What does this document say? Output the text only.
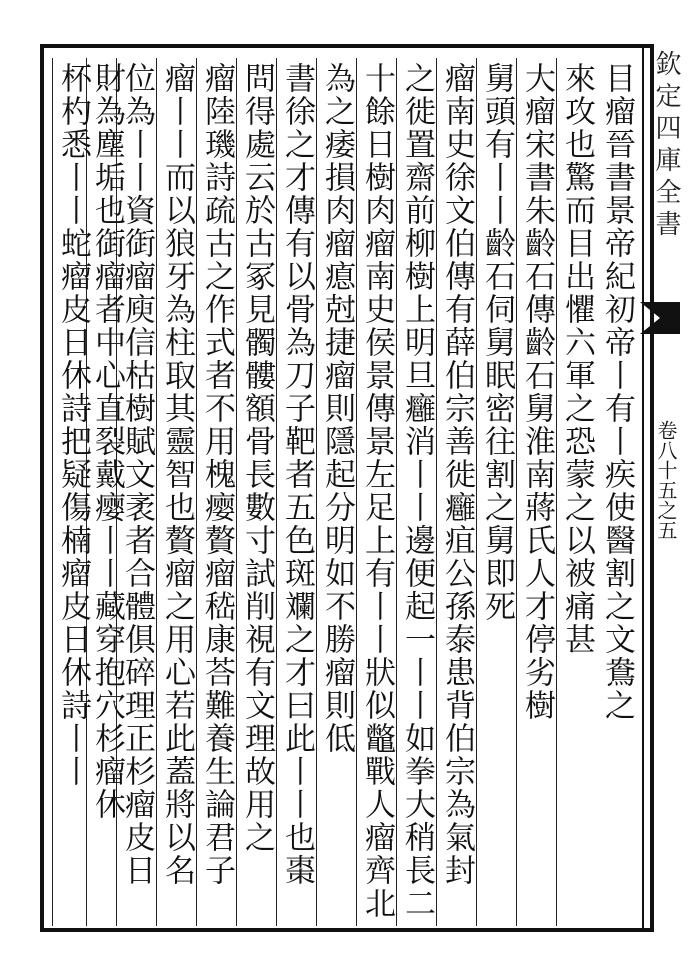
欽定四庫全書
卷八十五之五
目瘤晉書景帝紀初帝丨有丨疾使醫割之文鴦之
來攻也驚而目出懼六軍之恐蒙之以被痛甚
大瘤宋書朱齡石傳齡石舅淮南蔣氏人才停劣樹
舅頭有丨丨齡石伺舅眠密往割之舅即死
瘤南史徐文伯傳有薛伯宗善徙癰疽公孫泰患背伯宗為氣封
之徙置齋前柳樹上明旦癰消丨丨邊便起一丨丨如拳大稍長二
十餘日樹肉瘤南史侯景傳景左足上有丨丨狀似鼈戰人瘤齊北
為之痿損肉瘤瘜尅捷瘤則隱起分明如不勝瘤則低
書徐之才傳有以骨為刀子靶者五色斑斕之才曰此丨丨也棗
問得處云於古冢見髑髏額骨長數寸試削視有文理故用之
瘤陸璣詩疏古之作式者不用槐瘿贅瘤嵇康荅難養生論君子
瘤丨丨而以狼牙為柱取其靈智也贅瘤之用心若此蓋將以名
位為丨丨資衘瘤庾信枯樹賦文袤者合體俱碎理正杉瘤皮日
財為塵垢也衘瘤者中心直裂戴瘿丨丨藏穿抱穴杉瘤休
杯杓悉丨丨蛇瘤皮日休詩把疑傷楠瘤皮日休詩丨丨
